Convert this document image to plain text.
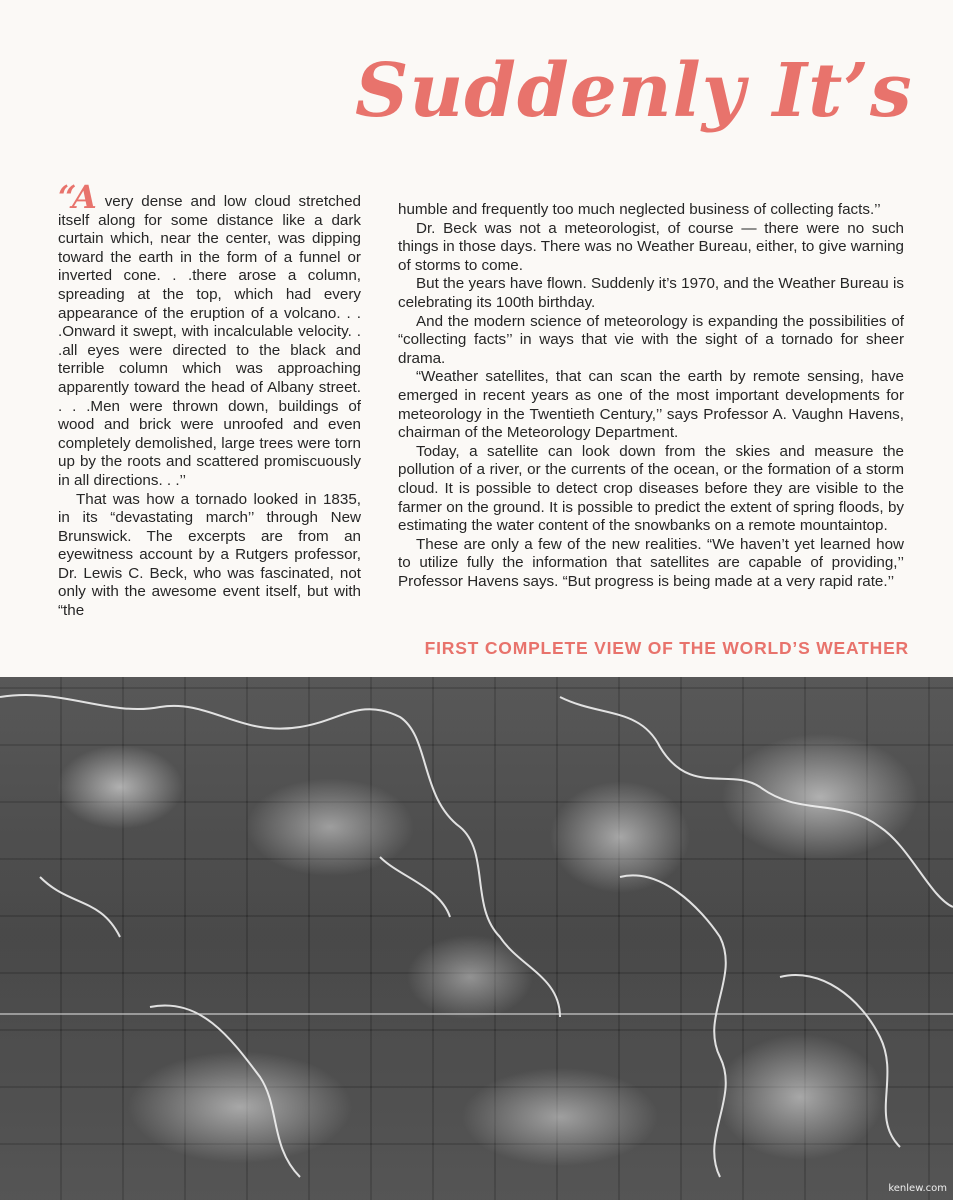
Suddenly It’s

“A very dense and low cloud stretched itself along for some distance like a dark curtain which, near the center, was dipping toward the earth in the form of a funnel or inverted cone. . .there arose a column, spreading at the top, which had every appearance of the eruption of a volcano. . . .Onward it swept, with incalculable velocity. . .all eyes were directed to the black and terrible column which was approaching apparently toward the head of Albany street. . . .Men were thrown down, buildings of wood and brick were unroofed and even completely demolished, large trees were torn up by the roots and scattered promiscuously in all directions. . .’’

That was how a tornado looked in 1835, in its “devastating march’’ through New Brunswick. The excerpts are from an eyewitness account by a Rutgers professor, Dr. Lewis C. Beck, who was fascinated, not only with the awesome event itself, but with “the

humble and frequently too much neglected business of collecting facts.’’

Dr. Beck was not a meteorologist, of course — there were no such things in those days. There was no Weather Bureau, either, to give warning of storms to come.

But the years have flown. Suddenly it’s 1970, and the Weather Bureau is celebrating its 100th birthday.

And the modern science of meteorology is expanding the possibilities of “collecting facts’’ in ways that vie with the sight of a tornado for sheer drama.

“Weather satellites, that can scan the earth by remote sensing, have emerged in recent years as one of the most important developments for meteorology in the Twentieth Century,’’ says Professor A. Vaughn Havens, chairman of the Meteorology Department.

Today, a satellite can look down from the skies and measure the pollution of a river, or the currents of the ocean, or the formation of a storm cloud. It is possible to detect crop diseases before they are visible to the farmer on the ground. It is possible to predict the extent of spring floods, by estimating the water content of the snowbanks on a remote mountaintop.

These are only a few of the new realities. “We haven’t yet learned how to utilize fully the information that satellites are capable of providing,’’ Professor Havens says. “But progress is being made at a very rapid rate.’’

FIRST COMPLETE VIEW OF THE WORLD’S WEATHER

kenlew.com
